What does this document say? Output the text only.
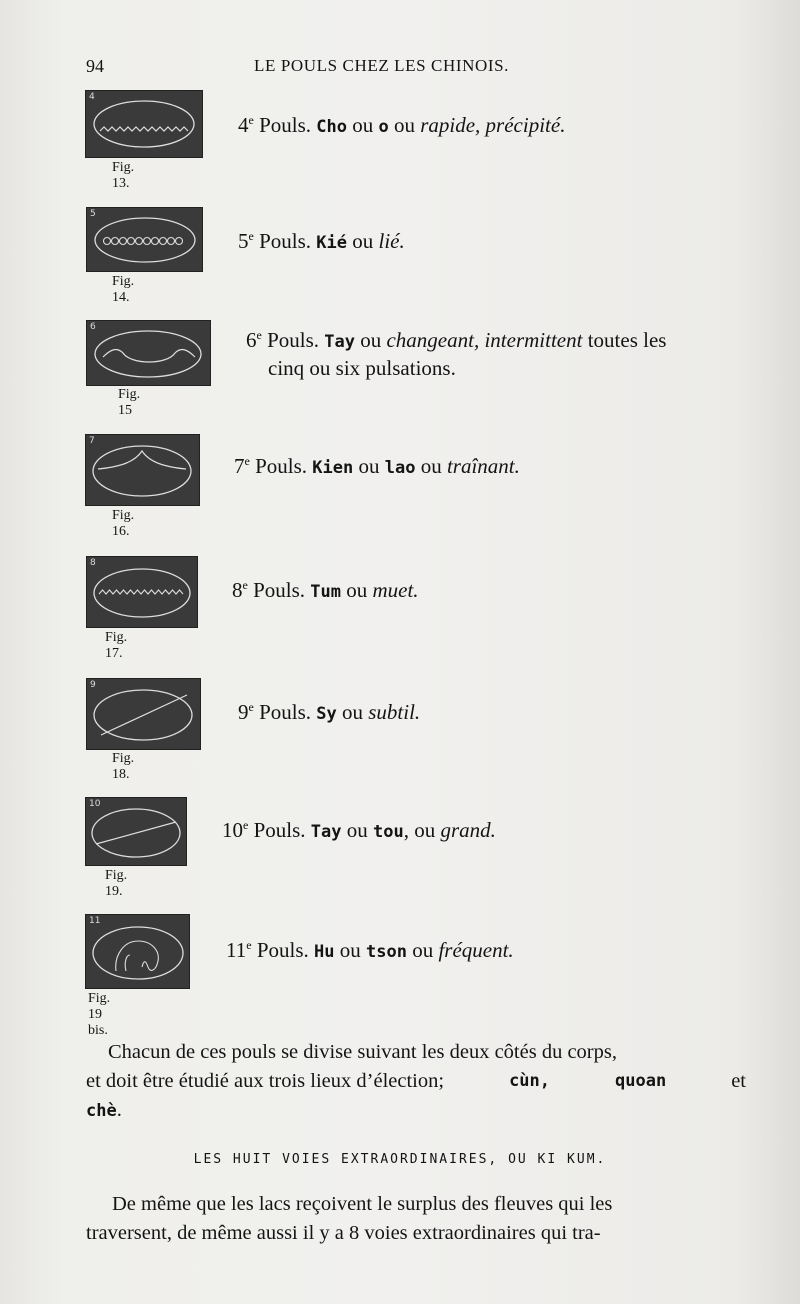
94	LE POULS CHEZ LES CHINOIS.
4
Fig. 13.
4e Pouls. Cho ou o ou rapide, précipité.
5
Fig. 14.
5e Pouls. Kié ou lié.
6
Fig. 15
6e Pouls. Tay ou changeant, intermittent toutes les
cinq ou six pulsations.
7
Fig. 16.
7e Pouls. Kien ou lao ou traînant.
8
Fig. 17.
8e Pouls. Tum ou muet.
9
Fig. 18.
9e Pouls. Sy ou subtil.
10
Fig. 19.
10e Pouls. Tay ou tou, ou grand.
11
Fig. 19 bis.
11e Pouls. Hu ou tson ou fréquent.
Chacun de ces pouls se divise suivant les deux côtés du corps,
et doit être étudié aux trois lieux d’élection;	cùn,	quoan	et
chè.
LES HUIT VOIES EXTRAORDINAIRES, OU KI KUM.
De même que les lacs reçoivent le surplus des fleuves qui les
traversent, de même aussi il y a 8 voies extraordinaires qui tra-
